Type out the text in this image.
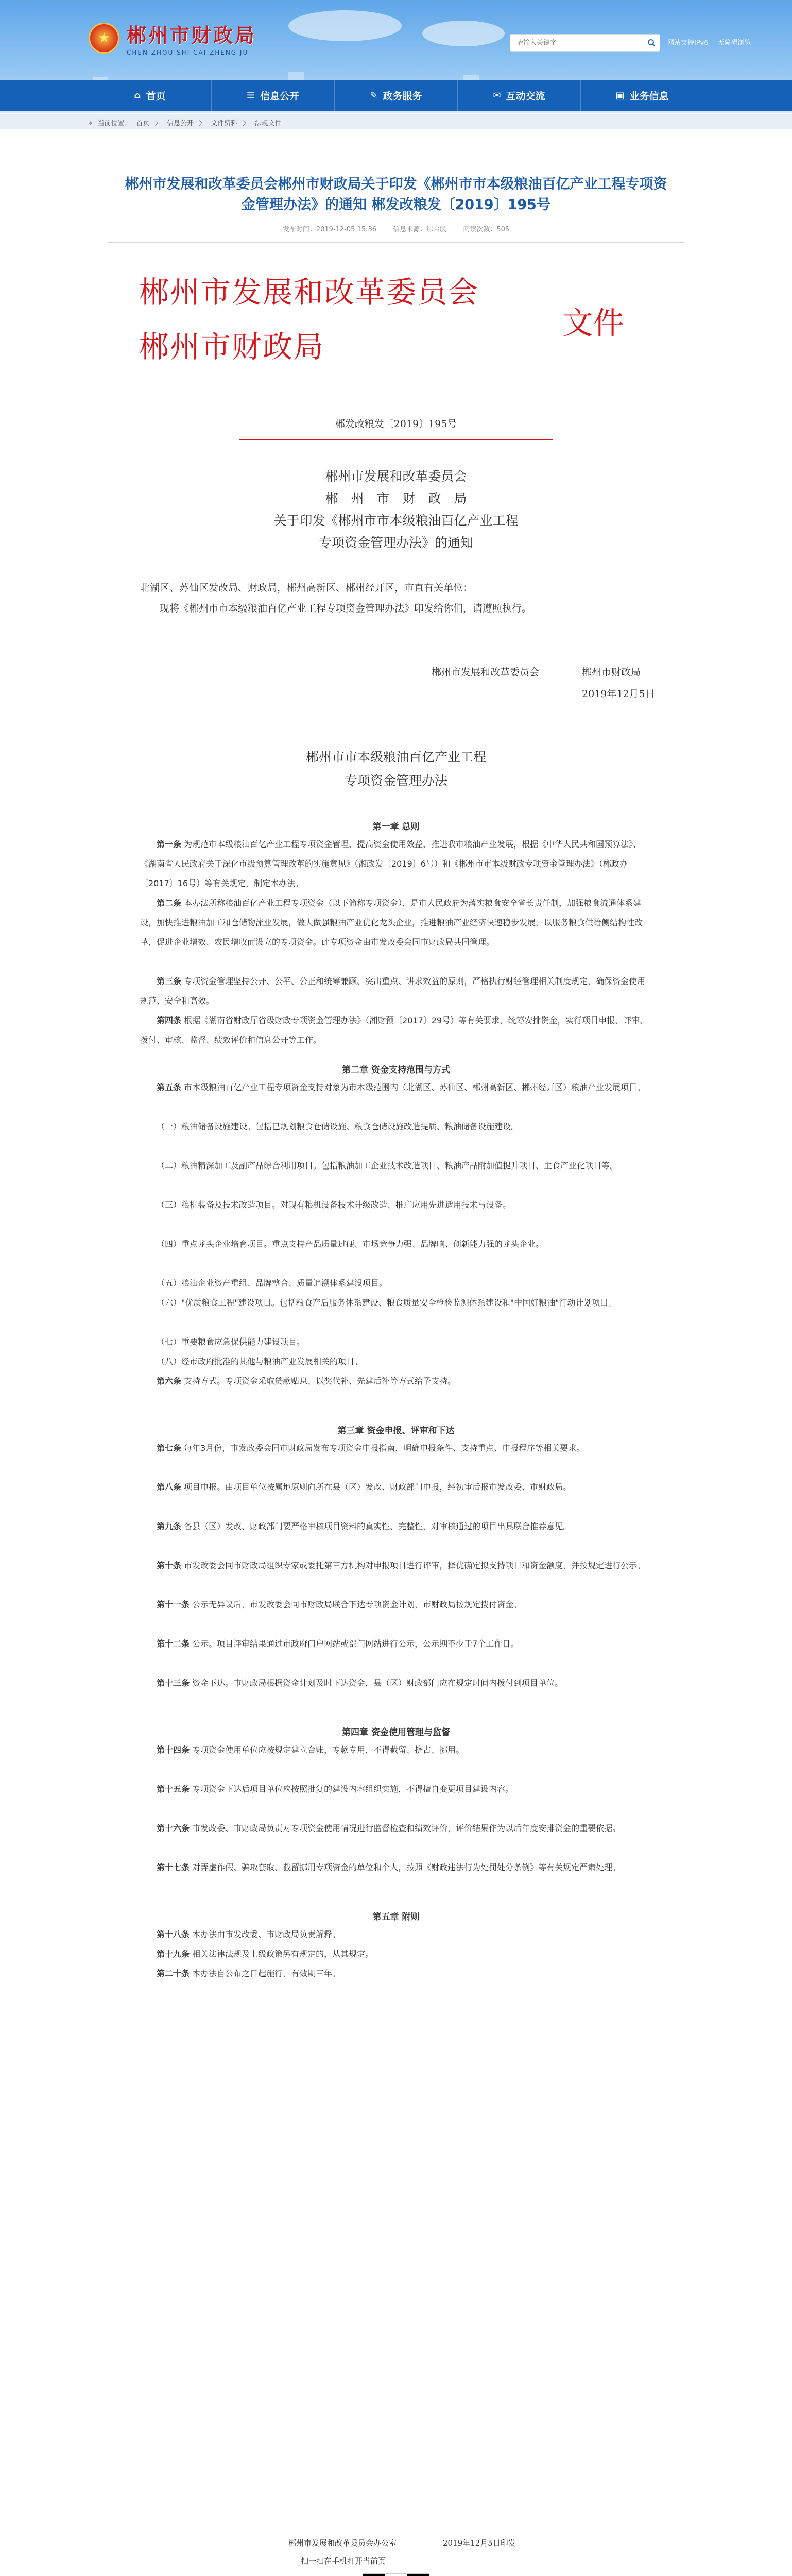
★ 郴州市财政局
CHEN ZHOU SHI CAI ZHENG JU
请输入关键字
网站支持IPv6 无障碍浏览
⌂ 首页	☰ 信息公开	✎ 政务服务	✉ 互动交流	▣ 业务信息
⌖ 当前位置： 首页 〉 信息公开 〉 文件资料 〉 法规文件
郴州市发展和改革委员会郴州市财政局关于印发《郴州市市本级粮油百亿产业工程专项资金管理办法》的通知 郴发改粮发〔2019〕195号
发布时间：2019-12-05 15:36 信息来源：综合股 阅读次数：505
郴州市发展和改革委员会
郴州市财政局
文件
郴发改粮发〔2019〕195号
郴州市发展和改革委员会
郴　州　市　财　政　局
关于印发《郴州市市本级粮油百亿产业工程
专项资金管理办法》的通知
北湖区、苏仙区发改局、财政局，郴州高新区、郴州经开区，市直有关单位：
现将《郴州市市本级粮油百亿产业工程专项资金管理办法》印发给你们，请遵照执行。
郴州市发展和改革委员会	郴州市财政局
2019年12月5日
郴州市市本级粮油百亿产业工程
专项资金管理办法
第一章 总则
第一条 为规范市本级粮油百亿产业工程专项资金管理，提高资金使用效益，推进我市粮油产业发展，根据《中华人民共和国预算法》、《湖南省人民政府关于深化市级预算管理改革的实施意见》（湘政发〔2019〕6号）和《郴州市市本级财政专项资金管理办法》（郴政办〔2017〕16号）等有关规定，制定本办法。
第二条 本办法所称粮油百亿产业工程专项资金（以下简称专项资金），是市人民政府为落实粮食安全省长责任制，加强粮食流通体系建设，加快推进粮油加工和仓储物流业发展，做大做强粮油产业优化龙头企业，推进粮油产业经济快速稳步发展，以服务粮食供给侧结构性改革，促进企业增效、农民增收而设立的专项资金。此专项资金由市发改委会同市财政局共同管理。
第三条 专项资金管理坚持公开、公平、公正和统筹兼顾、突出重点、讲求效益的原则，严格执行财经管理相关制度规定，确保资金使用规范、安全和高效。
第四条 根据《湖南省财政厅省级财政专项资金管理办法》（湘财预〔2017〕29号）等有关要求，统筹安排资金，实行项目申报、评审、拨付、审核、监督、绩效评价和信息公开等工作。
第二章 资金支持范围与方式
第五条 市本级粮油百亿产业工程专项资金支持对象为市本级范围内（北湖区、苏仙区、郴州高新区、郴州经开区）粮油产业发展项目。
（一）粮油储备设施建设。包括已规划粮食仓储设施、粮食仓储设施改造提质、粮油储备设施建设。
（二）粮油精深加工及副产品综合利用项目。包括粮油加工企业技术改造项目、粮油产品附加值提升项目、主食产业化项目等。
（三）粮机装备及技术改造项目。对现有粮机设备技术升级改造、推广应用先进适用技术与设备。
（四）重点龙头企业培育项目。重点支持产品质量过硬、市场竞争力强、品牌响、创新能力强的龙头企业。
（五）粮油企业资产重组、品牌整合、质量追溯体系建设项目。
（六）"优质粮食工程"建设项目。包括粮食产后服务体系建设、粮食质量安全检验监测体系建设和"中国好粮油"行动计划项目。
（七）重要粮食应急保供能力建设项目。
（八）经市政府批准的其他与粮油产业发展相关的项目。
第六条 支持方式。专项资金采取贷款贴息、以奖代补、先建后补等方式给予支持。
第三章 资金申报、评审和下达
第七条 每年3月份，市发改委会同市财政局发布专项资金申报指南，明确申报条件、支持重点、申报程序等相关要求。
第八条 项目申报。由项目单位按属地原则向所在县（区）发改、财政部门申报，经初审后报市发改委、市财政局。
第九条 各县（区）发改、财政部门要严格审核项目资料的真实性、完整性，对审核通过的项目出具联合推荐意见。
第十条 市发改委会同市财政局组织专家或委托第三方机构对申报项目进行评审，择优确定拟支持项目和资金额度，并按规定进行公示。
第十一条 公示无异议后，市发改委会同市财政局联合下达专项资金计划，市财政局按规定拨付资金。
第十二条 公示。项目评审结果通过市政府门户网站或部门网站进行公示，公示期不少于7个工作日。
第十三条 资金下达。市财政局根据资金计划及时下达资金，县（区）财政部门应在规定时间内拨付到项目单位。
第四章 资金使用管理与监督
第十四条 专项资金使用单位应按规定建立台账，专款专用，不得截留、挤占、挪用。
第十五条 专项资金下达后项目单位应按照批复的建设内容组织实施，不得擅自变更项目建设内容。
第十六条 市发改委、市财政局负责对专项资金使用情况进行监督检查和绩效评价，评价结果作为以后年度安排资金的重要依据。
第十七条 对弄虚作假、骗取套取、截留挪用专项资金的单位和个人，按照《财政违法行为处罚处分条例》等有关规定严肃处理。
第五章 附则
第十八条 本办法由市发改委、市财政局负责解释。
第十九条 相关法律法规及上级政策另有规定的，从其规定。
第二十条 本办法自公布之日起施行，有效期三年。
郴州市发展和改革委员会办公室	2019年12月5日印发
扫一扫在手机打开当前页
